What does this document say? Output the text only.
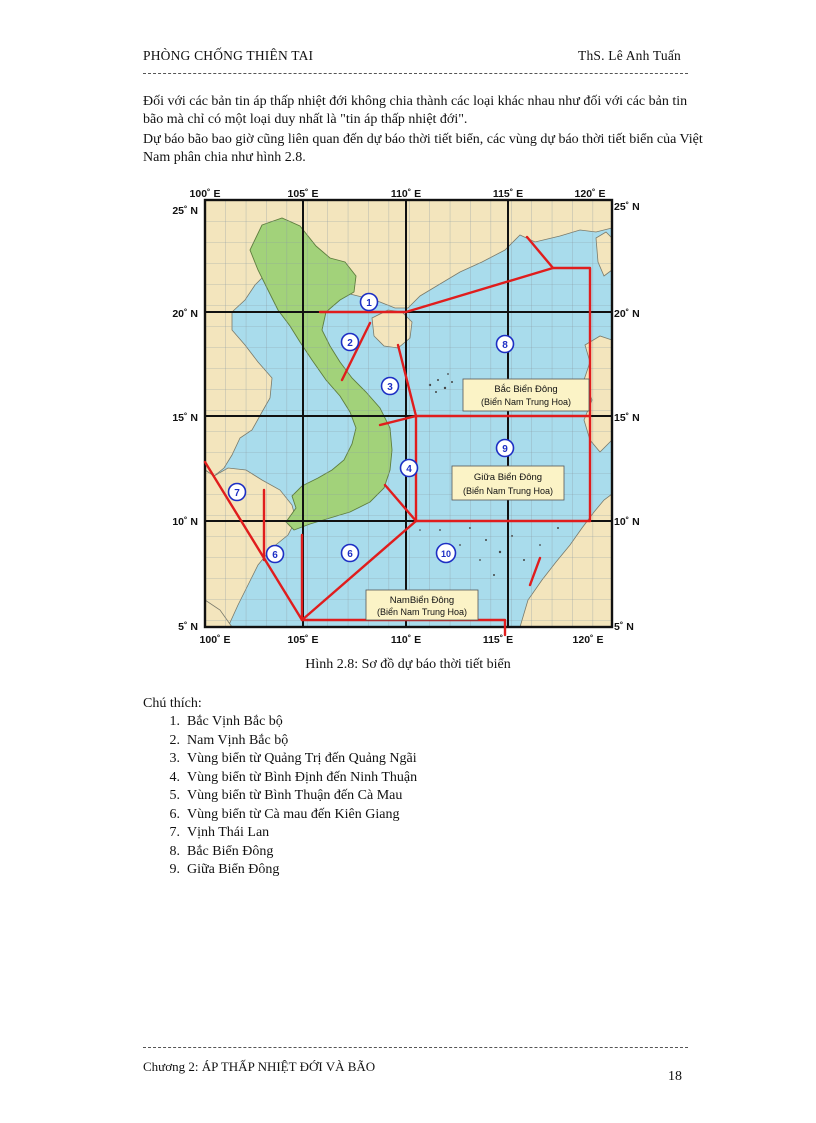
PHÒNG CHỐNG THIÊN TAI	ThS. Lê Anh Tuấn

Đối với các bản tin áp thấp nhiệt đới không chia thành các loại khác nhau như đối với các bản tin bão mà chỉ có một loại duy nhất là "tin áp thấp nhiệt đới".

Dự báo bão bao giờ cũng liên quan đến dự báo thời tiết biển, các vùng dự báo thời tiết biển của Việt Nam phân chia như hình 2.8.

Bắc Biển Đông
(Biển Nam Trung Hoa)
Giữa Biển Đông
(Biển Nam Trung Hoa)
NamBiển Đông
(Biển Nam Trung Hoa)
1
2
3
4
6	6
7
8
9
10
100˚ E	105˚ E	110˚ E	115˚ E	120˚ E
100˚ E	105˚ E	110˚ E	115˚ E	120˚ E
25˚ N
20˚ N
15˚ N
10˚ N
5˚ N
25˚ N
20˚ N
15˚ N
10˚ N
5˚ N
Hình 2.8: Sơ đồ dự báo thời tiết biển
Chú thích:
1. Bắc Vịnh Bắc bộ
2. Nam Vịnh Bắc bộ
3. Vùng biển từ Quảng Trị đến Quảng Ngãi
4. Vùng biển từ Bình Định đến Ninh Thuận
5. Vùng biển từ Bình Thuận đến Cà Mau
6. Vùng biển từ Cà mau đến Kiên Giang
7. Vịnh Thái Lan
8. Bắc Biển Đông
9. Giữa Biển Đông
Chương 2: ÁP THẤP NHIỆT ĐỚI VÀ BÃO
18
